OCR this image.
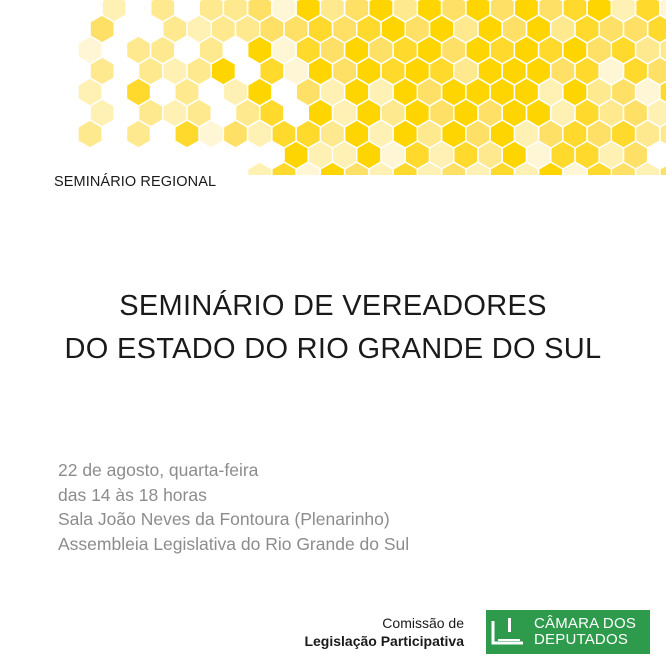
SEMINÁRIO REGIONAL
SEMINÁRIO DE VEREADORES
DO ESTADO DO RIO GRANDE DO SUL
22 de agosto, quarta-feira
das 14 às 18 horas
Sala João Neves da Fontoura (Plenarinho)
Assembleia Legislativa do Rio Grande do Sul
Comissão de
Legislação Participativa
CÂMARA DOS
DEPUTADOS
